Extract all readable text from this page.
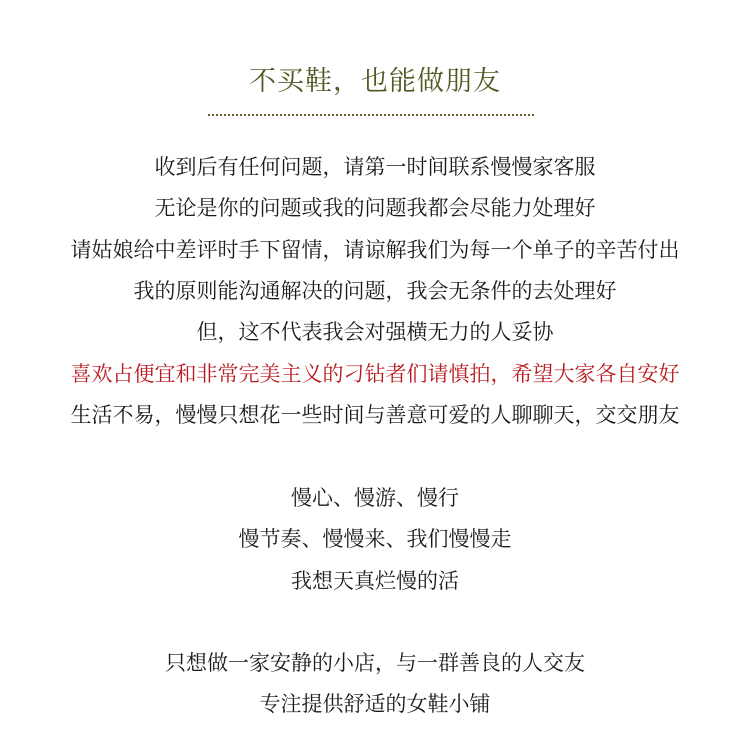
不买鞋，也能做朋友
收到后有任何问题，请第一时间联系慢慢家客服
无论是你的问题或我的问题我都会尽能力处理好
请姑娘给中差评时手下留情，请谅解我们为每一个单子的辛苦付出
我的原则能沟通解决的问题，我会无条件的去处理好
但，这不代表我会对强横无力的人妥协
喜欢占便宜和非常完美主义的刁钻者们请慎拍，希望大家各自安好
生活不易，慢慢只想花一些时间与善意可爱的人聊聊天，交交朋友
慢心、慢游、慢行
慢节奏、慢慢来、我们慢慢走
我想天真烂慢的活
只想做一家安静的小店，与一群善良的人交友
专注提供舒适的女鞋小铺
